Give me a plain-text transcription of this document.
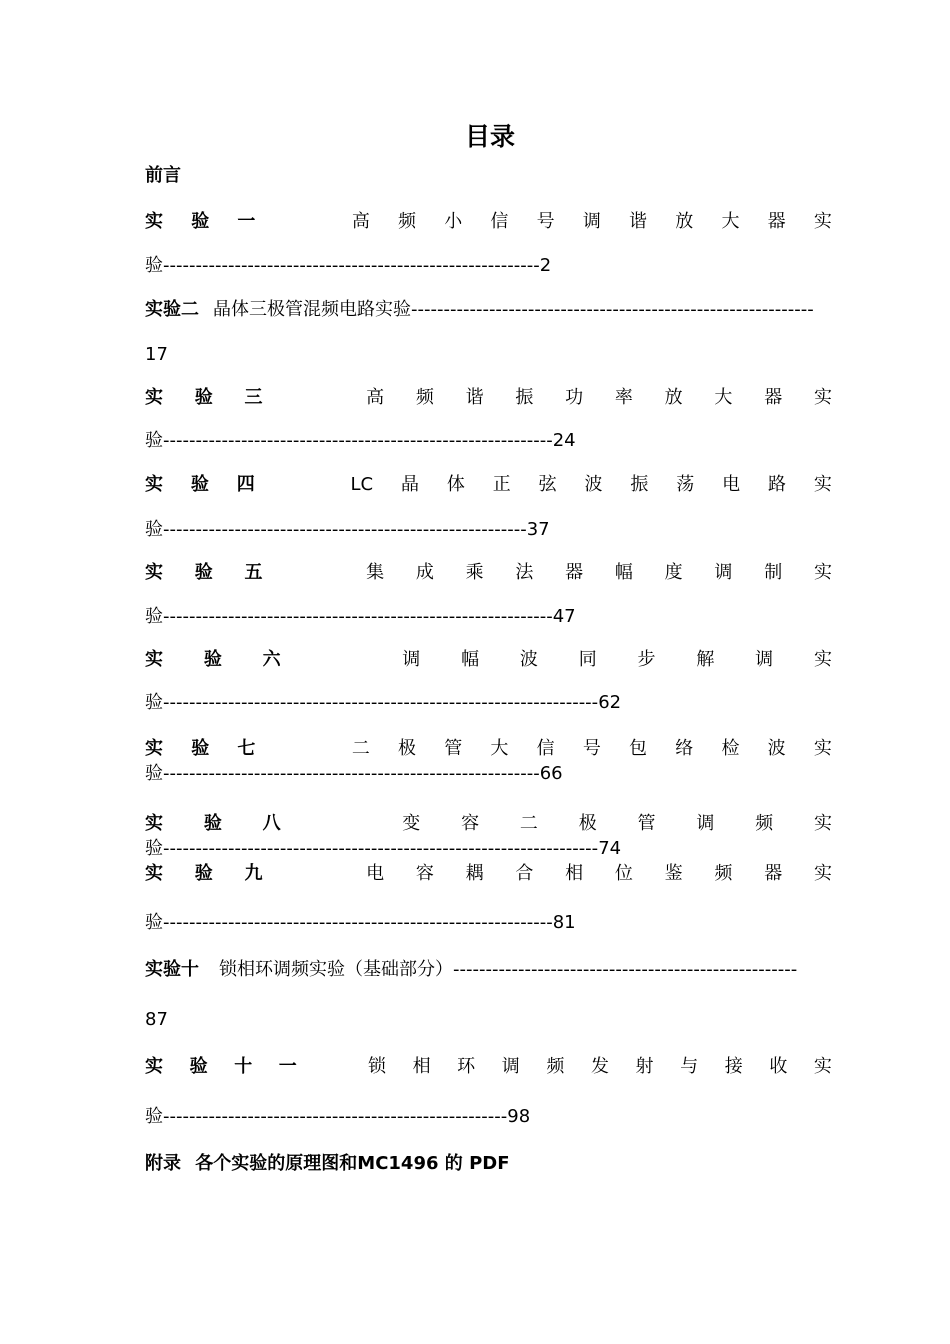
目录
前言
实 验 一	高 频 小 信 号 调 谐 放 大 器 实
验----------------------------------------------------------2
实验二 晶体三极管混频电路实验 --------------------------------------------------------------
17
实 验 三	高 频 谐 振 功 率 放 大 器 实
验------------------------------------------------------------24
实 验 四	LC 晶 体 正 弦 波 振 荡 电 路 实
验--------------------------------------------------------37
实 验 五	集 成 乘 法 器 幅 度 调 制 实
验------------------------------------------------------------47
实 验 六	调 幅 波 同 步 解 调 实
验-------------------------------------------------------------------62
实 验 七	二 极 管 大 信 号 包 络 检 波 实
验----------------------------------------------------------66
实 验 八	变 容 二 极 管 调 频 实
验-------------------------------------------------------------------74
实 验 九	电 容 耦 合 相 位 鉴 频 器 实
验------------------------------------------------------------81
实验十 锁相环调频实验（基础部分） -----------------------------------------------------
87
实 验 十 一	锁 相 环 调 频 发 射 与 接 收 实
验-----------------------------------------------------98
附录 各个实验的原理图和MC1496 的 PDF
